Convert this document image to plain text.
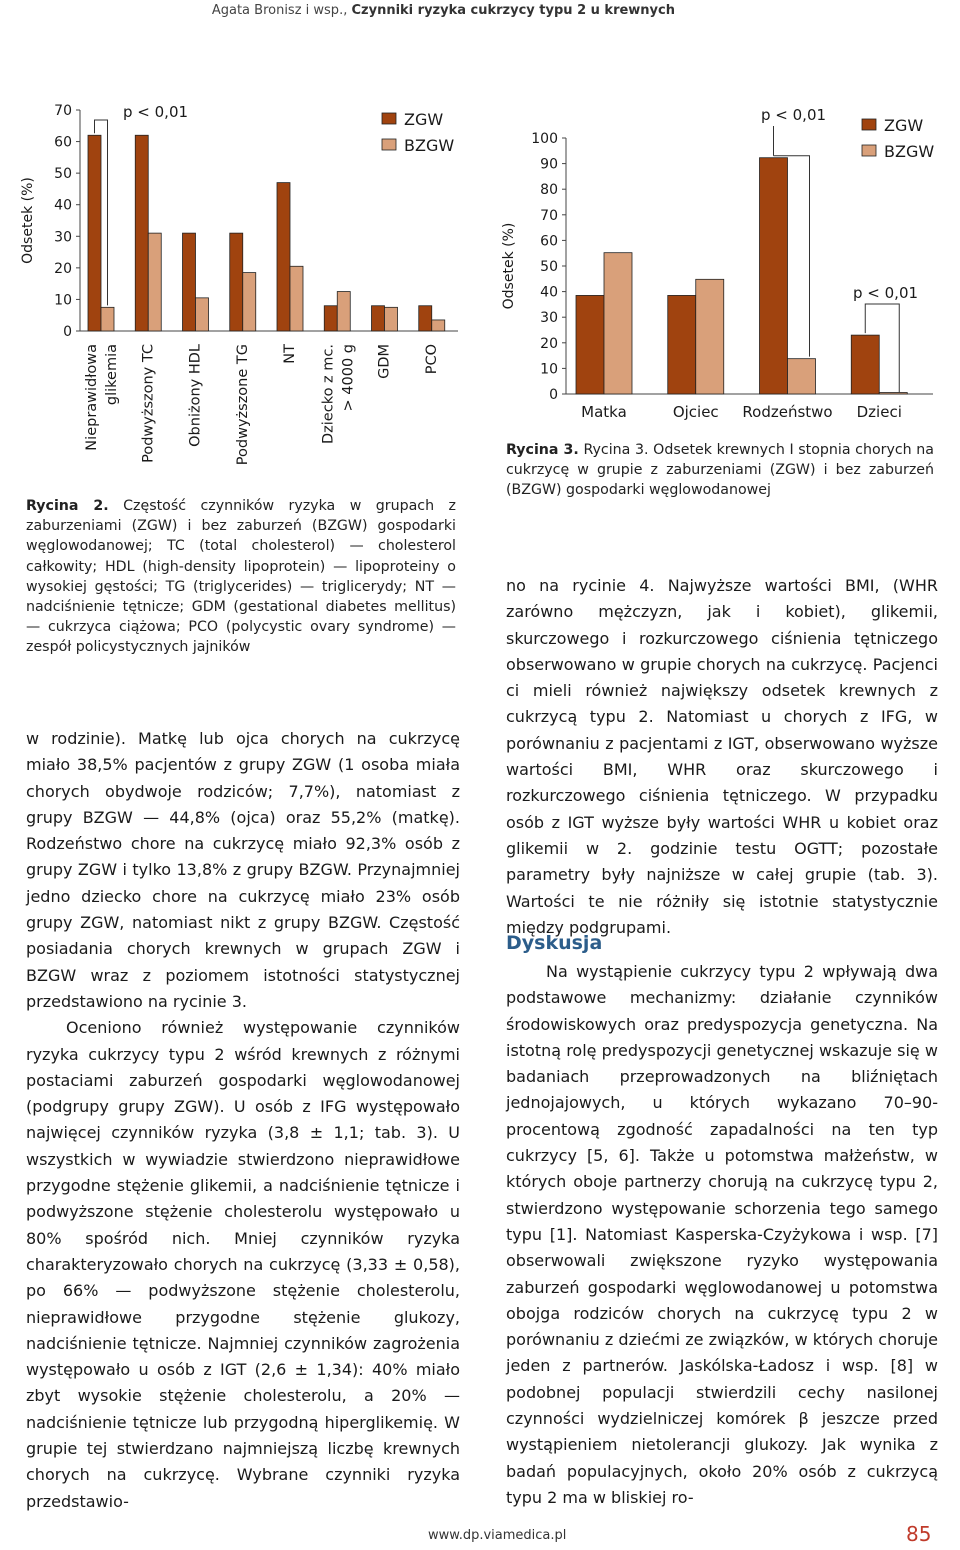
Agata Bronisz i wsp., Czynniki ryzyka cukrzycy typu 2 u krewnych
0
10
20
30
40
50
60
70
Odsetek (%)
Nieprawidłowa glikemia Podwyższony TC Obniżony HDL Podwyższone TG NT Dziecko z mc. > 4000 g GDM PCO
p < 0,01	ZGW
BZGW
0
10
20
30
40
50
60
70
80
90
100
Odsetek (%)
Matka	Ojciec Rodzeństwo Dzieci
p < 0,01
p < 0,01
ZGW
BZGW
Rycina 2. Częstość czynników ryzyka w grupach z zaburzeniami (ZGW) i bez zaburzeń (BZGW) gospodarki węglowodanowej; TC (total cholesterol) — cholesterol całkowity; HDL (high-density lipoprotein) — lipoproteiny o wysokiej gęstości; TG (triglycerides) — triglicerydy; NT — nadciśnienie tętnicze; GDM (gestational diabetes mellitus) — cukrzyca ciążowa; PCO (polycystic ovary syndrome) — zespół policystycznych jajników
Rycina 3. Rycina 3. Odsetek krewnych I stopnia chorych na cukrzycę w grupie z zaburzeniami (ZGW) i bez zaburzeń (BZGW) gospodarki węglowodanowej

w rodzinie). Matkę lub ojca chorych na cukrzycę miało 38,5% pacjentów z grupy ZGW (1 osoba miała chorych obydwoje rodziców; 7,7%), natomiast z grupy BZGW — 44,8% (ojca) oraz 55,2% (matkę). Rodzeństwo chore na cukrzycę miało 92,3% osób z grupy ZGW i tylko 13,8% z grupy BZGW. Przynajmniej jedno dziecko chore na cukrzycę miało 23% osób grupy ZGW, natomiast nikt z grupy BZGW. Częstość posiadania chorych krewnych w grupach ZGW i BZGW wraz z poziomem istotności statystycznej przedstawiono na rycinie 3.

Oceniono również występowanie czynników ryzyka cukrzycy typu 2 wśród krewnych z różnymi postaciami zaburzeń gospodarki węglowodanowej (podgrupy grupy ZGW). U osób z IFG występowało najwięcej czynników ryzyka (3,8 ± 1,1; tab. 3). U wszystkich w wywiadzie stwierdzono nieprawidłowe przygodne stężenie glikemii, a nadciśnienie tętnicze i podwyższone stężenie cholesterolu występowało u 80% spośród nich. Mniej czynników ryzyka charakteryzowało chorych na cukrzycę (3,33 ± 0,58), po 66% — podwyższone stężenie cholesterolu, nieprawidłowe przygodne stężenie glukozy, nadciśnienie tętnicze. Najmniej czynników zagrożenia występowało u osób z IGT (2,6 ± 1,34): 40% miało zbyt wysokie stężenie cholesterolu, a 20% — nadciśnienie tętnicze lub przygodną hiperglikemię. W grupie tej stwierdzano najmniejszą liczbę krewnych chorych na cukrzycę. Wybrane czynniki ryzyka przedstawio-

no na rycinie 4. Najwyższe wartości BMI, (WHR zarówno mężczyzn, jak i kobiet), glikemii, skurczowego i rozkurczowego ciśnienia tętniczego obserwowano w grupie chorych na cukrzycę. Pacjenci ci mieli również największy odsetek krewnych z cukrzycą typu 2. Natomiast u chorych z IFG, w porównaniu z pacjentami z IGT, obserwowano wyższe wartości BMI, WHR oraz skurczowego i rozkurczowego ciśnienia tętniczego. W przypadku osób z IGT wyższe były wartości WHR u kobiet oraz glikemii w 2. godzinie testu OGTT; pozostałe parametry były najniższe w całej grupie (tab. 3). Wartości te nie różniły się istotnie statystycznie między podgrupami.

Dyskusja

Na wystąpienie cukrzycy typu 2 wpływają dwa podstawowe mechanizmy: działanie czynników środowiskowych oraz predyspozycja genetyczna. Na istotną rolę predyspozycji genetycznej wskazuje się w badaniach przeprowadzonych na bliźniętach jednojajowych, u których wykazano 70–90-procentową zgodność zapadalności na ten typ cukrzycy [5, 6]. Także u potomstwa małżeństw, w których oboje partnerzy chorują na cukrzycę typu 2, stwierdzono występowanie schorzenia tego samego typu [1]. Natomiast Kasperska-Czyżykowa i wsp. [7] obserwowali zwiększone ryzyko występowania zaburzeń gospodarki węglowodanowej u potomstwa obojga rodziców chorych na cukrzycę typu 2 w porównaniu z dziećmi ze związków, w których choruje jeden z partnerów. Jaskólska-Ładosz i wsp. [8] w podobnej populacji stwierdzili cechy nasilonej czynności wydzielniczej komórek β jeszcze przed wystąpieniem nietolerancji glukozy. Jak wynika z badań populacyjnych, około 20% osób z cukrzycą typu 2 ma w bliskiej ro-

www.dp.viamedica.pl	85
